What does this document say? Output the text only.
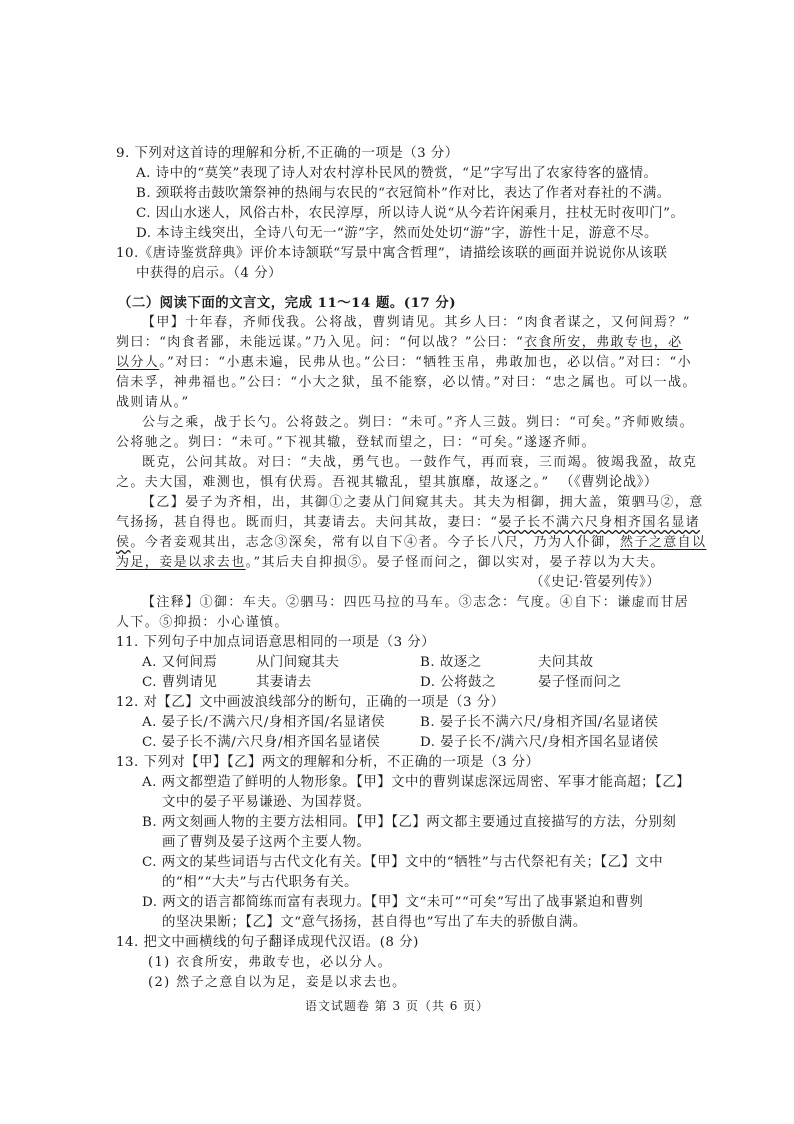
9. 下列对这首诗的理解和分析,不正确的一项是（3 分）
A. 诗中的“莫笑”表现了诗人对农村淳朴民风的赞赏，“足”字写出了农家待客的盛情。
B. 颈联将击鼓吹箫祭神的热闹与农民的“衣冠简朴”作对比，表达了作者对春社的不满。
C. 因山水迷人，风俗古朴，农民淳厚，所以诗人说“从今若许闲乘月，拄杖无时夜叩门”。
D. 本诗主线突出，全诗八句无一“游”字，然而处处切“游”字，游性十足，游意不尽。
10.《唐诗鉴赏辞典》评价本诗颔联“写景中寓含哲理”，请描绘该联的画面并说说你从该联
中获得的启示。（4 分）
（二）阅读下面的文言文，完成 11～14 题。(17 分)
【甲】十年春，齐师伐我。公将战，曹刿请见。其乡人曰：“肉食者谋之，又何间焉？”
刿曰：“肉食者鄙，未能远谋。”乃入见。问：“何以战？”公曰：“衣食所安，弗敢专也，必
以分人。”对曰：“小惠未遍，民弗从也。”公曰：“牺牲玉帛，弗敢加也，必以信。”对曰：“小
信未孚，神弗福也。”公曰：“小大之狱，虽不能察，必以情。”对曰：“忠之属也。可以一战。
战则请从。”
公与之乘，战于长勺。公将鼓之。刿曰：“未可。”齐人三鼓。刿曰：“可矣。”齐师败绩。
公将驰之。刿曰：“未可。”下视其辙，登轼而望之，曰：“可矣。”遂逐齐师。
既克，公问其故。对曰：“夫战，勇气也。一鼓作气，再而衰，三而竭。彼竭我盈，故克
之。夫大国，难测也，惧有伏焉。吾视其辙乱，望其旗靡，故逐之。” （《曹刿论战》）
【乙】晏子为齐相，出，其御①之妻从门间窥其夫。其夫为相御，拥大盖，策驷马②，意
气扬扬，甚自得也。既而归，其妻请去。夫问其故，妻曰：“晏子长不满六尺身相齐国名显诸
侯。今者妾观其出，志念③深矣，常有以自下④者。今子长八尺，乃为人仆御，然子之意自以
为足，妾是以求去也。”其后夫自抑损⑤。晏子怪而问之，御以实对，晏子荐以为大夫。
（《史记·管晏列传》）
【注释】①御：车夫。②驷马：四匹马拉的马车。③志念：气度。④自下：谦虚而甘居
人下。⑤抑损：小心谨慎。
11. 下列句子中加点词语意思相同的一项是（3 分）
A. 又何间焉	从门间窥其夫	B. 故逐之	夫问其故
C. 曹刿请见	其妻请去	D. 公将鼓之	晏子怪而问之
12. 对【乙】文中画波浪线部分的断句，正确的一项是（3 分）
A. 晏子长/不满六尺/身相齐国/名显诸侯	B. 晏子长不满六尺/身相齐国/名显诸侯
C. 晏子长不满/六尺身/相齐国名显诸侯	D. 晏子长不/满六尺/身相齐国名显诸侯
13. 下列对【甲】【乙】两文的理解和分析，不正确的一项是（3 分）
A. 两文都塑造了鲜明的人物形象。【甲】文中的曹刿谋虑深远周密、军事才能高超；【乙】
文中的晏子平易谦逊、为国荐贤。
B. 两文刻画人物的主要方法相同。【甲】【乙】两文都主要通过直接描写的方法，分别刻
画了曹刿及晏子这两个主要人物。
C. 两文的某些词语与古代文化有关。【甲】文中的“牺牲”与古代祭祀有关；【乙】文中
的“相”“大夫”与古代职务有关。
D. 两文的语言都简练而富有表现力。【甲】文“未可”“可矣”写出了战事紧迫和曹刿
的坚决果断；【乙】文“意气扬扬，甚自得也”写出了车夫的骄傲自满。
14. 把文中画横线的句子翻译成现代汉语。(8 分)
(1) 衣食所安，弗敢专也，必以分人。
(2) 然子之意自以为足，妾是以求去也。
语文试题卷 第 3 页（共 6 页）
